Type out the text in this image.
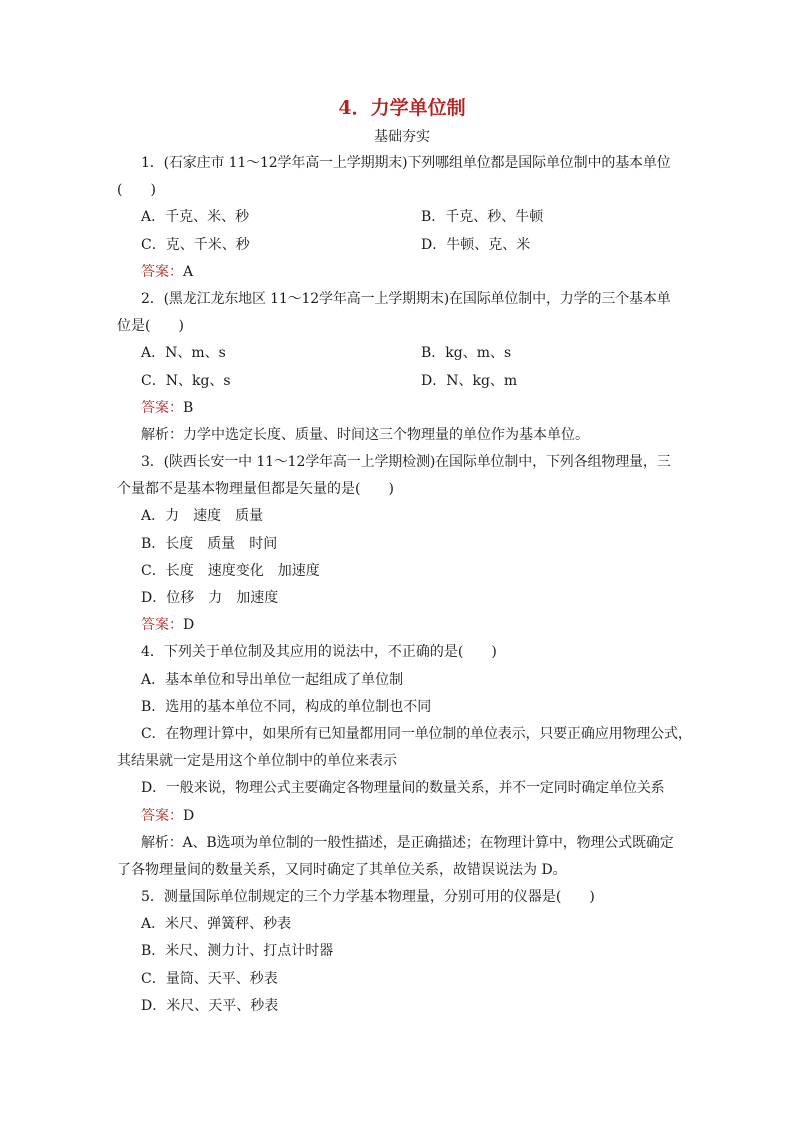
4．力学单位制
基础夯实
1．(石家庄市 11～12学年高一上学期期末)下列哪组单位都是国际单位制中的基本单位
(　　)
A．千克、米、秒	B．千克、秒、牛顿
C．克、千米、秒	D．牛顿、克、米
答案：A
2．(黑龙江龙东地区 11～12学年高一上学期期末)在国际单位制中，力学的三个基本单
位是(　　)
A．N、m、s	B．kg、m、s
C．N、kg、s	D．N、kg、m
答案：B
解析：力学中选定长度、质量、时间这三个物理量的单位作为基本单位。
3．(陕西长安一中 11～12学年高一上学期检测)在国际单位制中，下列各组物理量，三
个量都不是基本物理量但都是矢量的是(　　)
A．力　速度　质量
B．长度　质量　时间
C．长度　速度变化　加速度
D．位移　力　加速度
答案：D
4．下列关于单位制及其应用的说法中，不正确的是(　　)
A．基本单位和导出单位一起组成了单位制
B．选用的基本单位不同，构成的单位制也不同
C．在物理计算中，如果所有已知量都用同一单位制的单位表示，只要正确应用物理公式，
其结果就一定是用这个单位制中的单位来表示
D．一般来说，物理公式主要确定各物理量间的数量关系，并不一定同时确定单位关系
答案：D
解析：A、B选项为单位制的一般性描述，是正确描述；在物理计算中，物理公式既确定
了各物理量间的数量关系，又同时确定了其单位关系，故错误说法为 D。
5．测量国际单位制规定的三个力学基本物理量，分别可用的仪器是(　　)
A．米尺、弹簧秤、秒表
B．米尺、测力计、打点计时器
C．量筒、天平、秒表
D．米尺、天平、秒表
